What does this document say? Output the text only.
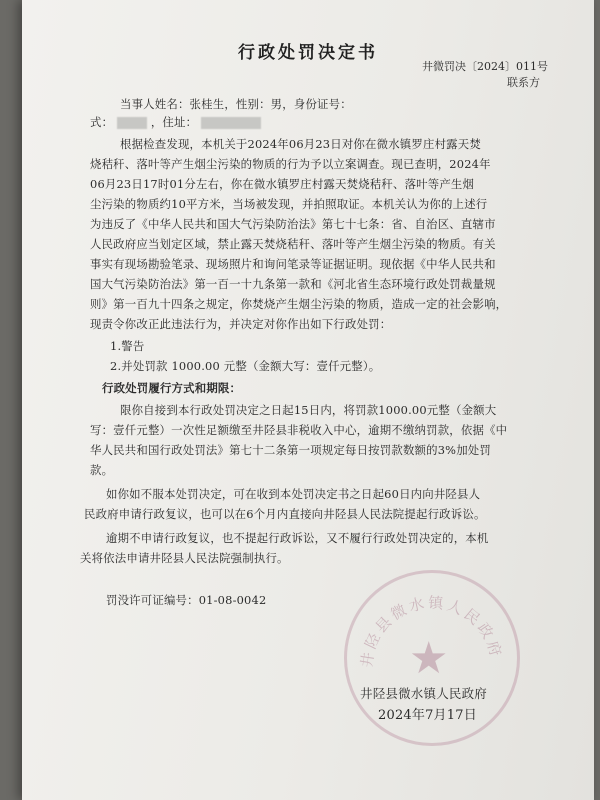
行政处罚决定书
井微罚决〔2024〕011号
联系方
当事人姓名：张桂生，性别：男，身份证号：
式：	，住址：
根据检查发现，本机关于2024年06月23日对你在微水镇罗庄村露天焚
烧秸秆、落叶等产生烟尘污染的物质的行为予以立案调查。现已查明，2024年
06月23日17时01分左右，你在微水镇罗庄村露天焚烧秸秆、落叶等产生烟
尘污染的物质约10平方米，当场被发现，并拍照取证。本机关认为你的上述行
为违反了《中华人民共和国大气污染防治法》第七十七条：省、自治区、直辖市
人民政府应当划定区域，禁止露天焚烧秸秆、落叶等产生烟尘污染的物质。有关
事实有现场勘验笔录、现场照片和询问笔录等证据证明。现依据《中华人民共和
国大气污染防治法》第一百一十九条第一款和《河北省生态环境行政处罚裁量规
则》第一百九十四条之规定，你焚烧产生烟尘污染的物质，造成一定的社会影响，
现责令你改正此违法行为，并决定对你作出如下行政处罚：
1.警告
2.并处罚款 1000.00 元整（金额大写：壹仟元整）。
行政处罚履行方式和期限：
限你自接到本行政处罚决定之日起15日内，将罚款1000.00元整（金额大
写：壹仟元整）一次性足额缴至井陉县非税收入中心，逾期不缴纳罚款，依据《中
华人民共和国行政处罚法》第七十二条第一项规定每日按罚款数额的3%加处罚
款。
如你如不服本处罚决定，可在收到本处罚决定书之日起60日内向井陉县人
民政府申请行政复议，也可以在6个月内直接向井陉县人民法院提起行政诉讼。
逾期不申请行政复议，也不提起行政诉讼，又不履行行政处罚决定的，本机
关将依法申请井陉县人民法院强制执行。
罚没许可证编号：01-08-0042
★
井陉县微水镇人民政府
井陉县微水镇人民政府
2024年7月17日
